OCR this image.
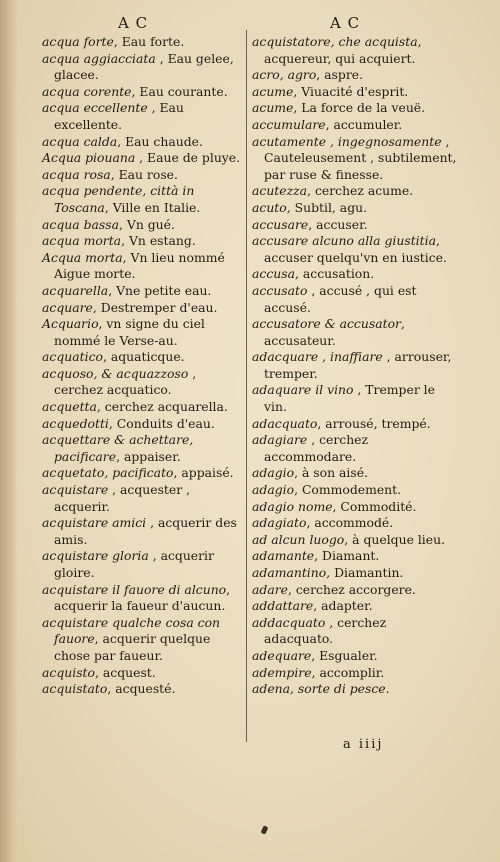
A C	A C

acqua forte, Eau forte.

acqua aggiacciata , Eau gelee, glacee.

acqua corente, Eau courante.

acqua eccellente , Eau excellente.

acqua calda, Eau chaude.

Acqua piouana , Eaue de pluye.

acqua rosa, Eau rose.

acqua pendente, città in Toscana, Ville en Italie.

acqua bassa, Vn gué.

acqua morta, Vn estang.

Acqua morta, Vn lieu nommé Aigue morte.

acquarella, Vne petite eau.

acquare, Destremper d'eau.

Acquario, vn signe du ciel nommé le Verse-au.

acquatico, aquaticque.

acquoso, & acquazzoso , cerchez acquatico.

acquetta, cerchez acquarella.

acquedotti, Conduits d'eau.

acquettare & achettare, pacificare, appaiser.

acquetato, pacificato, appaisé.

acquistare , acquester , acquerir.

acquistare amici , acquerir des amis.

acquistare gloria , acquerir gloire.

acquistare il fauore di alcuno, acquerir la faueur d'aucun.

acquistare qualche cosa con fauore, acquerir quelque chose par faueur.

acquisto, acquest.

acquistato, acquesté.

acquistatore, che acquista, acquereur, qui acquiert.

acro, agro, aspre.

acume, Viuacité d'esprit.

acume, La force de la veuë.

accumulare, accumuler.

acutamente , ingegnosamente , Cauteleusement , subtilement, par ruse & finesse.

acutezza, cerchez acume.

acuto, Subtil, agu.

accusare, accuser.

accusare alcuno alla giustitia, accuser quelqu'vn en iustice.

accusa, accusation.

accusato , accusé , qui est accusé.

accusatore & accusator, accusateur.

adacquare , inaffiare , arrouser, tremper.

adaquare il vino , Tremper le vin.

adacquato, arrousé, trempé.

adagiare , cerchez accommodare.

adagio, à son aisé.

adagio, Commodement.

adagio nome, Commodité.

adagiato, accommodé.

ad alcun luogo, à quelque lieu.

adamante, Diamant.

adamantino, Diamantin.

adare, cerchez accorgere.

addattare, adapter.

addacquato , cerchez adacquato.

adequare, Esgualer.

adempire, accomplir.

adena, sorte di pesce.

a iiij
